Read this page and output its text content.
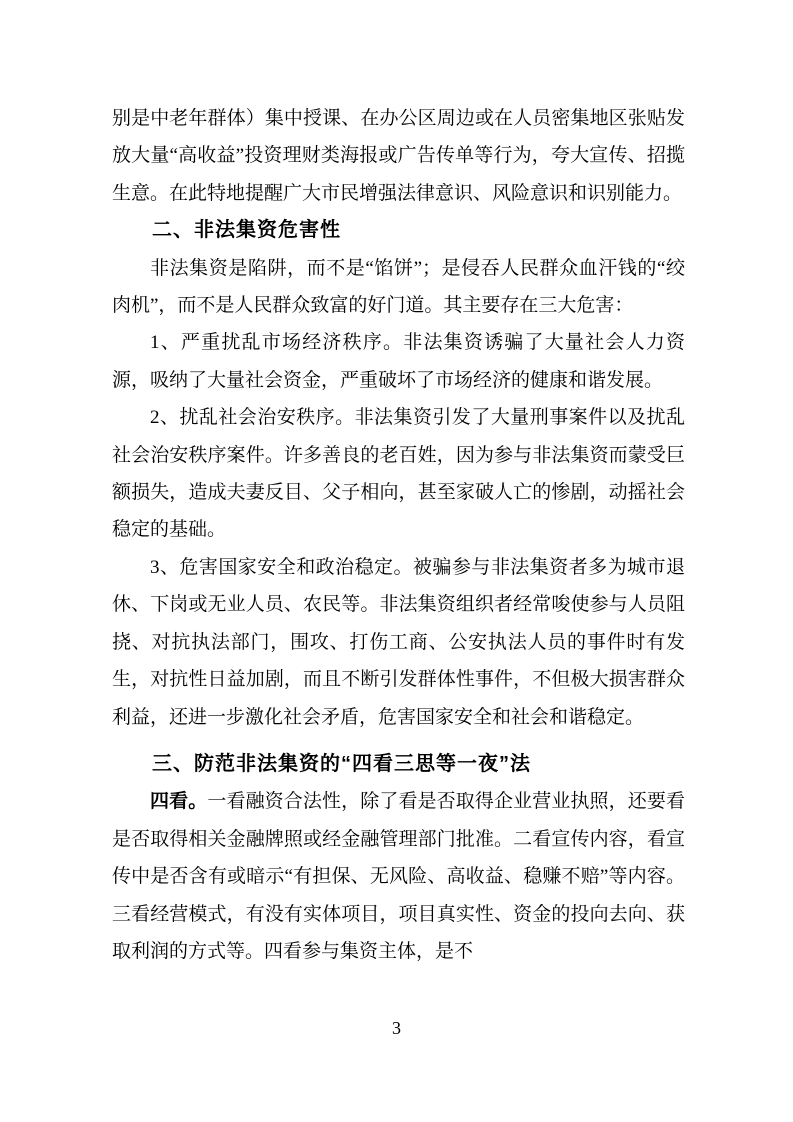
别是中老年群体）集中授课、在办公区周边或在人员密集地区张贴发放大量“高收益”投资理财类海报或广告传单等行为，夸大宣传、招揽生意。在此特地提醒广大市民增强法律意识、风险意识和识别能力。

二、非法集资危害性

非法集资是陷阱，而不是“馅饼”；是侵吞人民群众血汗钱的“绞肉机”，而不是人民群众致富的好门道。其主要存在三大危害：

1、严重扰乱市场经济秩序。非法集资诱骗了大量社会人力资源，吸纳了大量社会资金，严重破坏了市场经济的健康和谐发展。

2、扰乱社会治安秩序。非法集资引发了大量刑事案件以及扰乱社会治安秩序案件。许多善良的老百姓，因为参与非法集资而蒙受巨额损失，造成夫妻反目、父子相向，甚至家破人亡的惨剧，动摇社会稳定的基础。

3、危害国家安全和政治稳定。被骗参与非法集资者多为城市退休、下岗或无业人员、农民等。非法集资组织者经常唆使参与人员阻挠、对抗执法部门，围攻、打伤工商、公安执法人员的事件时有发生，对抗性日益加剧，而且不断引发群体性事件，不但极大损害群众利益，还进一步激化社会矛盾，危害国家安全和社会和谐稳定。

三、防范非法集资的“四看三思等一夜”法

四看。一看融资合法性，除了看是否取得企业营业执照，还要看是否取得相关金融牌照或经金融管理部门批准。二看宣传内容，看宣传中是否含有或暗示“有担保、无风险、高收益、稳赚不赔”等内容。三看经营模式，有没有实体项目，项目真实性、资金的投向去向、获取利润的方式等。四看参与集资主体，是不

3
